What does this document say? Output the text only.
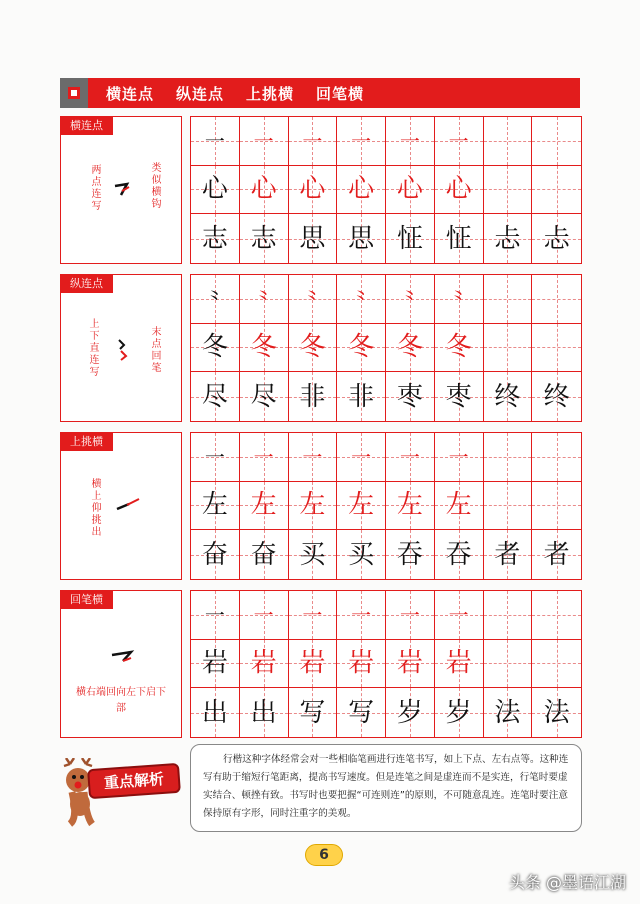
横连点 纵连点 上挑横 回笔横
横连点
两点连写
类似横钩
一 一 一 一 一 一
心 心 心 心 心 心
志 志 思 思 怔 怔 忐 忐
纵连点
上下直连写
末点回笔
⺀ ⺀ ⺀ ⺀ ⺀ ⺀
冬 冬 冬 冬 冬 冬
尽 尽 非 非 枣 枣 终 终
上挑横
横上仰挑出
一 一 一 一 一 一
左 左 左 左 左 左
奋 奋 买 买 吞 吞 者 者
回笔横
横右端回向左下启下部
一 一 一 一 一 一
岩 岩 岩 岩 岩 岩
出 出 写 写 岁 岁 法 法
重点解析
行楷这种字体经常会对一些相临笔画进行连笔书写，如上下点、左右点等。这种连写有助于缩短行笔距离，提高书写速度。但是连笔之间是虚连而不是实连，行笔时要虚实结合、顿挫有致。书写时也要把握“可连则连”的原则，不可随意乱连。连笔时要注意保持原有字形，同时注重字的美观。
6
头条 @墨语江湖
